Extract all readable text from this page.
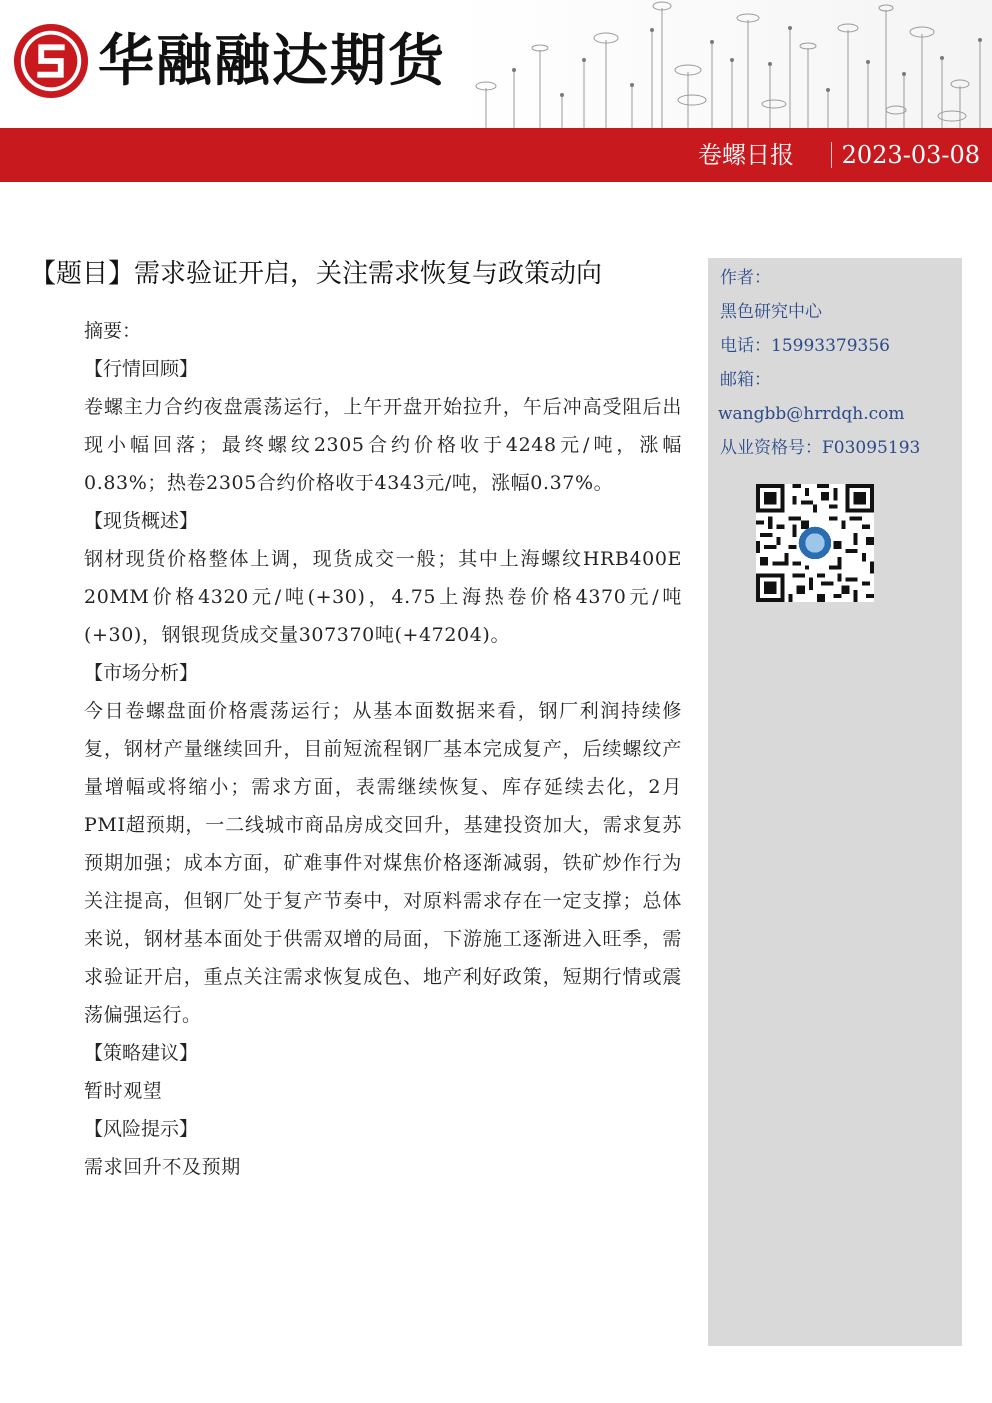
华融融达期货
卷螺日报 2023-03-08
【题目】需求验证开启，关注需求恢复与政策动向
摘要：
【行情回顾】

卷螺主力合约夜盘震荡运行，上午开盘开始拉升，午后冲高受阻后出现小幅回落；最终螺纹2305合约价格收于4248元/吨，涨幅0.83%；热卷2305合约价格收于4343元/吨，涨幅0.37%。

【现货概述】

钢材现货价格整体上调，现货成交一般；其中上海螺纹HRB400E 20MM价格4320元/吨(+30)，4.75上海热卷价格4370元/吨(+30)，钢银现货成交量307370吨(+47204)。

【市场分析】

今日卷螺盘面价格震荡运行；从基本面数据来看，钢厂利润持续修复，钢材产量继续回升，目前短流程钢厂基本完成复产，后续螺纹产量增幅或将缩小；需求方面，表需继续恢复、库存延续去化，2月PMI超预期，一二线城市商品房成交回升，基建投资加大，需求复苏预期加强；成本方面，矿难事件对煤焦价格逐渐减弱，铁矿炒作行为关注提高，但钢厂处于复产节奏中，对原料需求存在一定支撑；总体来说，钢材基本面处于供需双增的局面，下游施工逐渐进入旺季，需求验证开启，重点关注需求恢复成色、地产利好政策，短期行情或震荡偏强运行。

【策略建议】

暂时观望

【风险提示】

需求回升不及预期

作者：
黑色研究中心
电话：15993379356
邮箱：
wangbb@hrrdqh.com
从业资格号：F03095193
